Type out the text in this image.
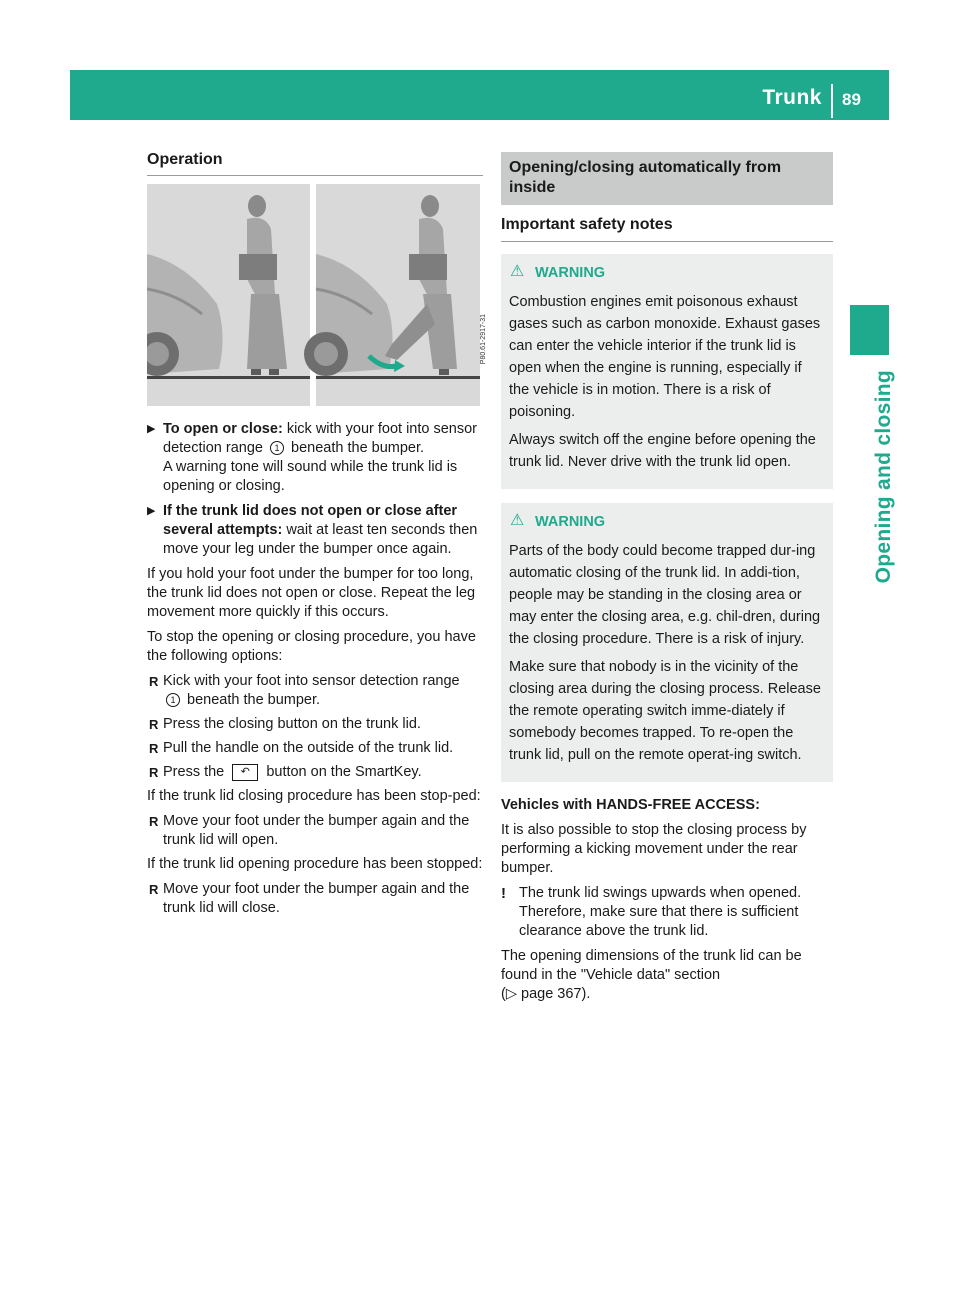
Trunk 89
Opening and closing
Operation
P80.61-2917-31
▶ To open or close: kick with your foot into sensor detection range 1 beneath the bumper.
A warning tone will sound while the trunk lid is opening or closing.
▶ If the trunk lid does not open or close after several attempts: wait at least ten seconds then move your leg under the bumper once again.

If you hold your foot under the bumper for too long, the trunk lid does not open or close. Repeat the leg movement more quickly if this occurs.

To stop the opening or closing procedure, you have the following options:

R Kick with your foot into sensor detection range 1 beneath the bumper.
R Press the closing button on the trunk lid.
R Pull the handle on the outside of the trunk lid.
R Press the ↶ button on the SmartKey.

If the trunk lid closing procedure has been stop-ped:

R Move your foot under the bumper again and the trunk lid will open.

If the trunk lid opening procedure has been stopped:

R Move your foot under the bumper again and the trunk lid will close.
Opening/closing automatically from inside
Important safety notes
⚠ WARNING

Combustion engines emit poisonous exhaust gases such as carbon monoxide. Exhaust gases can enter the vehicle interior if the trunk lid is open when the engine is running, especially if the vehicle is in motion. There is a risk of poisoning.

Always switch off the engine before opening the trunk lid. Never drive with the trunk lid open.

⚠ WARNING

Parts of the body could become trapped dur-ing automatic closing of the trunk lid. In addi-tion, people may be standing in the closing area or may enter the closing area, e.g. chil-dren, during the closing procedure. There is a risk of injury.

Make sure that nobody is in the vicinity of the closing area during the closing process. Release the remote operating switch imme-diately if somebody becomes trapped. To re-open the trunk lid, pull on the remote operat-ing switch.

Vehicles with HANDS-FREE ACCESS:

It is also possible to stop the closing process by performing a kicking movement under the rear bumper.

! The trunk lid swings upwards when opened. Therefore, make sure that there is sufficient clearance above the trunk lid.

The opening dimensions of the trunk lid can be found in the "Vehicle data" section
(▷ page 367).
